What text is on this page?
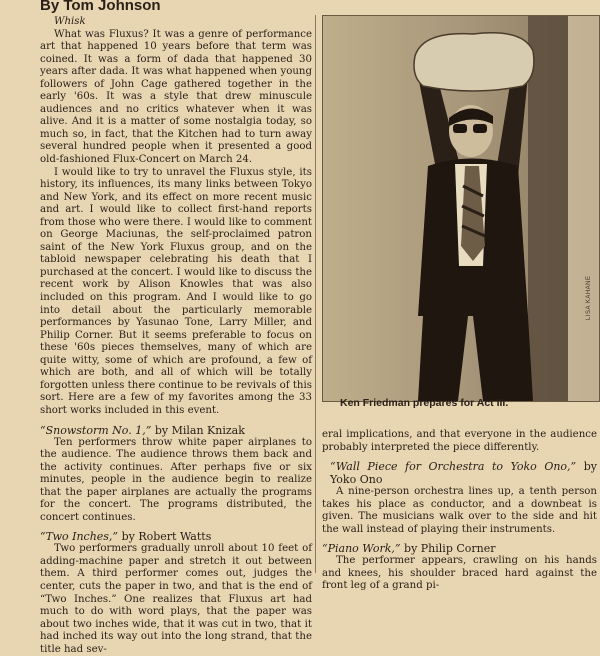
By Tom Johnson

Whisk

What was Fluxus? It was a genre of performance art that happened 10 years before that term was coined. It was a form of dada that happened 30 years after dada. It was what happened when young followers of John Cage gathered together in the early '60s. It was a style that drew minuscule audiences and no critics whatever when it was alive. And it is a matter of some nostalgia today, so much so, in fact, that the Kitchen had to turn away several hundred people when it presented a good old-fashioned Flux-Concert on March 24.

I would like to try to unravel the Fluxus style, its history, its influences, its many links between Tokyo and New York, and its effect on more recent music and art. I would like to collect first-hand reports from those who were there. I would like to comment on George Maciunas, the self-proclaimed patron saint of the New York Fluxus group, and on the tabloid newspaper celebrating his death that I purchased at the concert. I would like to discuss the recent work by Alison Knowles that was also included on this program. And I would like to go into detail about the particularly memorable performances by Yasunao Tone, Larry Miller, and Philip Corner. But it seems preferable to focus on these '60s pieces themselves, many of which are quite witty, some of which are profound, a few of which are both, and all of which will be totally forgotten unless there continue to be revivals of this sort. Here are a few of my favorites among the 33 short works included in this event.

“Snowstorm No. 1,” by Milan Knizak

Ten performers throw white paper airplanes to the audience. The audience throws them back and the activity continues. After perhaps five or six minutes, people in the audience begin to realize that the paper airplanes are actually the programs for the concert. The programs distributed, the concert continues.

“Two Inches,” by Robert Watts

Two performers gradually unroll about 10 feet of adding-machine paper and stretch it out between them. A third performer comes out, judges the center, cuts the paper in two, and that is the end of “Two Inches.” One realizes that Fluxus art had much to do with word plays, that the paper was about two inches wide, that it was cut in two, that it had inched its way out into the long strand, that the title had sev-

LISA KAHANE
Ken Friedman prepares for Act III.

eral implications, and that everyone in the audience probably interpreted the piece differently.

“Wall Piece for Orchestra to Yoko Ono,” by Yoko Ono

A nine-person orchestra lines up, a tenth person takes his place as conductor, and a downbeat is given. The musicians walk over to the side and hit the wall instead of playing their instruments.

“Piano Work,” by Philip Corner

The performer appears, crawling on his hands and knees, his shoulder braced hard against the front leg of a grand pi-
